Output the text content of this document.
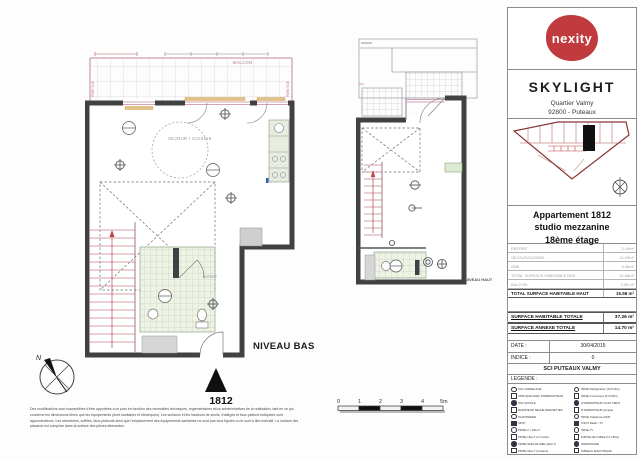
BALCON
PARE VUE	PARE VUE
SEJOUR / CUISINE
ENTREE
NIVEAU BAS
NIVEAU HAUT
1812
N
0	1	2	3	4	5m
Des modifications sont susceptibles d'être apportées à ce plan en fonction des nécessités techniques, réglementaires et/ou administratives de la réalisation, tant en ce qui
concerne les dimensions libres que les équipements (dont sanitaires et électriques). Les surfaces et les hauteurs de seuils, d'allèges et faux-plafond indiquées sont
approximatives. Les retombées, soffites, faux-plafonds ainsi que l'emplacement des équipements sanitaires ne sont pas tous figurés ou le sont à titre indicatif. La surface des
placards est comprise dans la surface des pièces attenantes.
nexity
SKYLIGHT
Quartier Valmy
92800 - Puteaux
Appartement 1812
studio mezzanine
18ème étage
ENTREE	3.19m²
SEJOUR/CUISINE	14.03m²
SDB	4.46m²
TOTAL SURFACE HABITABLE BAS	21.68m²
BALCON	3.05 m²
TOTAL SURFACE HABITABLE HAUT	15.58 m²
SURFACE HABITABLE TOTALE	37.26 m²
SURFACE ANNEXE TOTALE	14.70 m²
DATE :	30/04/2015
INDICE :	0
SCI PUTEAUX VALMY
LEGENDE :
SOL CARRELAGE
APPLIQUE AVEC INTERRUPTEUR
SOL SOUPLE
RADIATEUR SECHE-SERVIETTES
PLAFONNIER
SPOT
PRISE 2 x 16A+T
PRISE 16A+T (h=1.10m)
PRISE SPECIALISEE (20A+T)
PRISE 32A+T (Cuisson)
PRISE Réfrigérateur (h=0.10m)
PRISE Convecteur (h=0.50m)
INTERRUPTEUR VA-ET-VIENT
INTERRUPTEUR (simple)
PRISE Téléphone RJ45
POINT Radio / TV
PRISE TV
SORTIE DE CABLE (h=1.80m)
VIDEOPHONE
TABLEAU ELECTRIQUE
